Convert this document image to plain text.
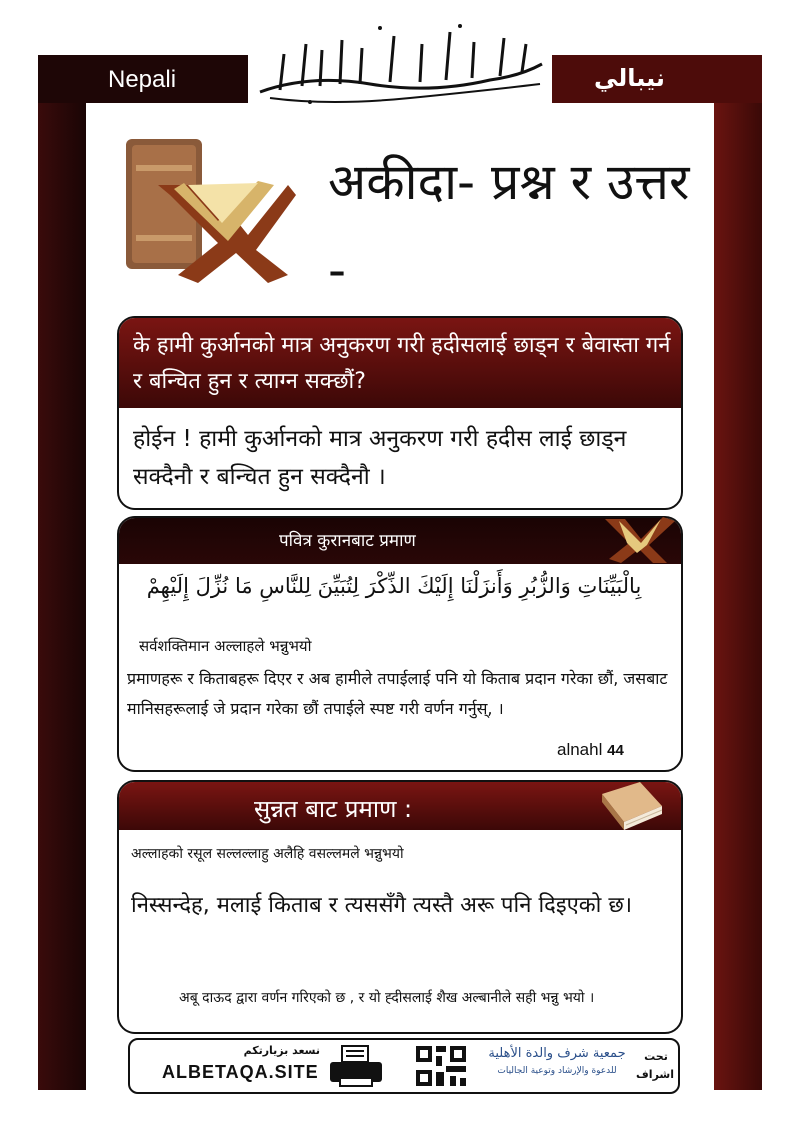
Nepali	نيبالي
अकीदा- प्रश्न र उत्तर -
के हामी कुर्आनको मात्र अनुकरण गरी हदीसलाई छाड्न र बेवास्ता गर्न र बन्चित हुन र त्याग्न सक्छौं?
होईन ! हामी कुर्आनको मात्र अनुकरण गरी हदीस लाई छाड्न सक्दैनौ र बन्चित हुन सक्दैनौ ।
पवित्र कुरानबाट प्रमाण
بِالْبَيِّنَاتِ وَالزُّبُرِ وَأَنزَلْنَا إِلَيْكَ الذِّكْرَ لِتُبَيِّنَ لِلنَّاسِ مَا نُزِّلَ إِلَيْهِمْ
सर्वशक्तिमान अल्लाहले भन्नुभयो
प्रमाणहरू र किताबहरू दिएर र अब हामीले तपाईलाई पनि यो किताब प्रदान गरेका छौं, जसबाट मानिसहरूलाई जे प्रदान गरेका छौं तपाईले स्पष्ट गरी वर्णन गर्नुस्, ।
alnahl 44
सुन्नत बाट प्रमाण :
अल्लाहको रसूल सल्लल्लाहु अलैहि वसल्लमले भन्नुभयो
निस्सन्देह, मलाई किताब र त्यससँगै त्यस्तै अरू पनि दिइएको छ।
अबू दाऊद द्वारा वर्णन गरिएको छ , र यो ह्दीसलाई शैख अल्बानीले सही भन्नु भयो ।
نسعد بزيارتكم
ALBETAQA.SITE
جمعية شرف والدة الأهلية
للدعوة والإرشاد وتوعية الجاليات
تحت اشراف
